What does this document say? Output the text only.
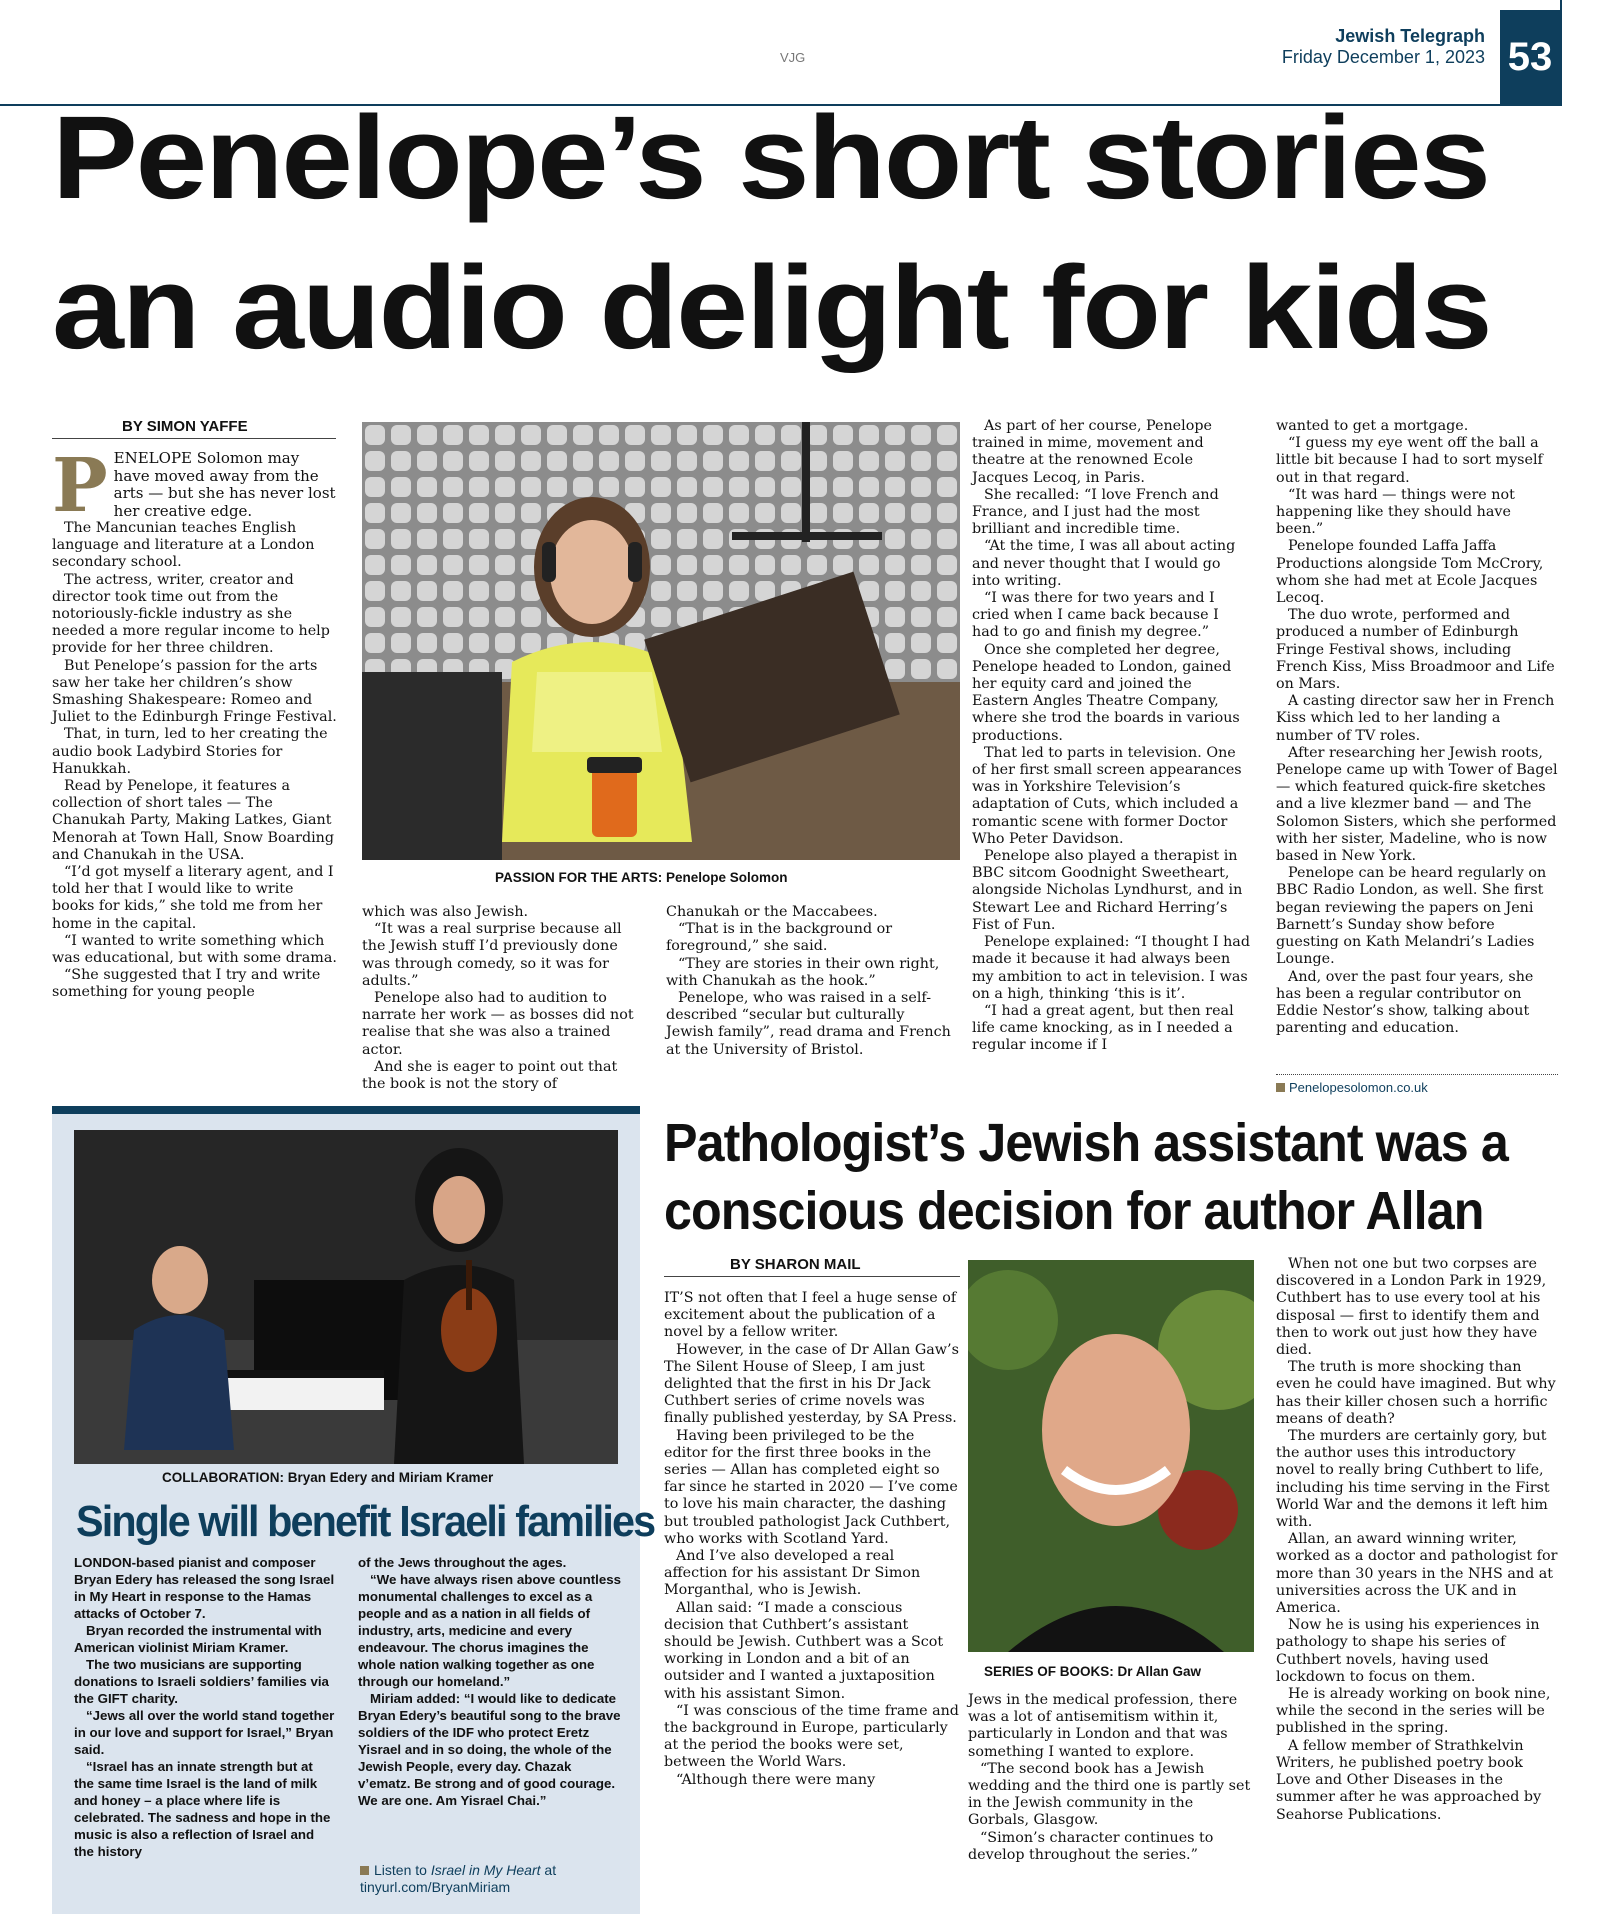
VJG
Jewish Telegraph
Friday December 1, 2023 53
Penelope’s short stories
an audio delight for kids
BY SIMON YAFFE
PASSION FOR THE ARTS: Penelope Solomon
P ENELOPE Solomon may have moved away from the arts — but she has never lost her creative edge.

The Mancunian teaches English language and literature at a London secondary school.

The actress, writer, creator and director took time out from the notoriously-fickle industry as she needed a more regular income to help provide for her three children.

But Penelope’s passion for the arts saw her take her children’s show Smashing Shakespeare: Romeo and Juliet to the Edinburgh Fringe Festival.

That, in turn, led to her creating the audio book Ladybird Stories for Hanukkah.

Read by Penelope, it features a collection of short tales — The Chanukah Party, Making Latkes, Giant Menorah at Town Hall, Snow Boarding and Chanukah in the USA.

“I’d got myself a literary agent, and I told her that I would like to write books for kids,” she told me from her home in the capital.

“I wanted to write something which was educational, but with some drama.

“She suggested that I try and write something for young people

which was also Jewish.

“It was a real surprise because all the Jewish stuff I’d previously done was through comedy, so it was for adults.”

Penelope also had to audition to narrate her work — as bosses did not realise that she was also a trained actor.

And she is eager to point out that the book is not the story of

Chanukah or the Maccabees.

“That is in the background or foreground,” she said.

“They are stories in their own right, with Chanukah as the hook.”

Penelope, who was raised in a self-described “secular but culturally Jewish family”, read drama and French at the University of Bristol.

As part of her course, Penelope trained in mime, movement and theatre at the renowned Ecole Jacques Lecoq, in Paris.

She recalled: “I love French and France, and I just had the most brilliant and incredible time.

“At the time, I was all about acting and never thought that I would go into writing.

“I was there for two years and I cried when I came back because I had to go and finish my degree.”

Once she completed her degree, Penelope headed to London, gained her equity card and joined the Eastern Angles Theatre Company, where she trod the boards in various productions.

That led to parts in television. One of her first small screen appearances was in Yorkshire Television’s adaptation of Cuts, which included a romantic scene with former Doctor Who Peter Davidson.

Penelope also played a therapist in BBC sitcom Goodnight Sweetheart, alongside Nicholas Lyndhurst, and in Stewart Lee and Richard Herring’s Fist of Fun.

Penelope explained: “I thought I had made it because it had always been my ambition to act in television. I was on a high, thinking ‘this is it’.

“I had a great agent, but then real life came knocking, as in I needed a regular income if I

wanted to get a mortgage.

“I guess my eye went off the ball a little bit because I had to sort myself out in that regard.

“It was hard — things were not happening like they should have been.”

Penelope founded Laffa Jaffa Productions alongside Tom McCrory, whom she had met at Ecole Jacques Lecoq.

The duo wrote, performed and produced a number of Edinburgh Fringe Festival shows, including French Kiss, Miss Broadmoor and Life on Mars.

A casting director saw her in French Kiss which led to her landing a number of TV roles.

After researching her Jewish roots, Penelope came up with Tower of Bagel — which featured quick-fire sketches and a live klezmer band — and The Solomon Sisters, which she performed with her sister, Madeline, who is now based in New York.

Penelope can be heard regularly on BBC Radio London, as well. She first began reviewing the papers on Jeni Barnett’s Sunday show before guesting on Kath Melandri’s Ladies Lounge.

And, over the past four years, she has been a regular contributor on Eddie Nestor’s show, talking about parenting and education.

Penelopesolomon.co.uk
COLLABORATION: Bryan Edery and Miriam Kramer
Single will benefit Israeli families

LONDON-based pianist and composer Bryan Edery has released the song Israel in My Heart in response to the Hamas attacks of October 7.

Bryan recorded the instrumental with American violinist Miriam Kramer.

The two musicians are supporting donations to Israeli soldiers’ families via the GIFT charity.

“Jews all over the world stand together in our love and support for Israel,” Bryan said.

“Israel has an innate strength but at the same time Israel is the land of milk and honey – a place where life is celebrated. The sadness and hope in the music is also a reflection of Israel and the history

of the Jews throughout the ages.

“We have always risen above countless monumental challenges to excel as a people and as a nation in all fields of industry, arts, medicine and every endeavour. The chorus imagines the whole nation walking together as one through our homeland.”

Miriam added: “I would like to dedicate Bryan Edery’s beautiful song to the brave soldiers of the IDF who protect Eretz Yisrael and in so doing, the whole of the Jewish People, every day. Chazak v’ematz. Be strong and of good courage. We are one. Am Yisrael Chai.”

Listen to Israel in My Heart at
tinyurl.com/BryanMiriam
Pathologist’s Jewish assistant was a
conscious decision for author Allan
BY SHARON MAIL
SERIES OF BOOKS: Dr Allan Gaw

IT’S not often that I feel a huge sense of excitement about the publication of a novel by a fellow writer.

However, in the case of Dr Allan Gaw’s The Silent House of Sleep, I am just delighted that the first in his Dr Jack Cuthbert series of crime novels was finally published yesterday, by SA Press.

Having been privileged to be the editor for the first three books in the series — Allan has completed eight so far since he started in 2020 — I’ve come to love his main character, the dashing but troubled pathologist Jack Cuthbert, who works with Scotland Yard.

And I’ve also developed a real affection for his assistant Dr Simon Morganthal, who is Jewish.

Allan said: “I made a conscious decision that Cuthbert’s assistant should be Jewish. Cuthbert was a Scot working in London and a bit of an outsider and I wanted a juxtaposition with his assistant Simon.

“I was conscious of the time frame and the background in Europe, particularly at the period the books were set, between the World Wars.

“Although there were many

Jews in the medical profession, there was a lot of antisemitism within it, particularly in London and that was something I wanted to explore.

“The second book has a Jewish wedding and the third one is partly set in the Jewish community in the Gorbals, Glasgow.

“Simon’s character continues to develop throughout the series.”

When not one but two corpses are discovered in a London Park in 1929, Cuthbert has to use every tool at his disposal — first to identify them and then to work out just how they have died.

The truth is more shocking than even he could have imagined. But why has their killer chosen such a horrific means of death?

The murders are certainly gory, but the author uses this introductory novel to really bring Cuthbert to life, including his time serving in the First World War and the demons it left him with.

Allan, an award winning writer, worked as a doctor and pathologist for more than 30 years in the NHS and at universities across the UK and in America.

Now he is using his experiences in pathology to shape his series of Cuthbert novels, having used lockdown to focus on them.

He is already working on book nine, while the second in the series will be published in the spring.

A fellow member of Strathkelvin Writers, he published poetry book Love and Other Diseases in the summer after he was approached by Seahorse Publications.
